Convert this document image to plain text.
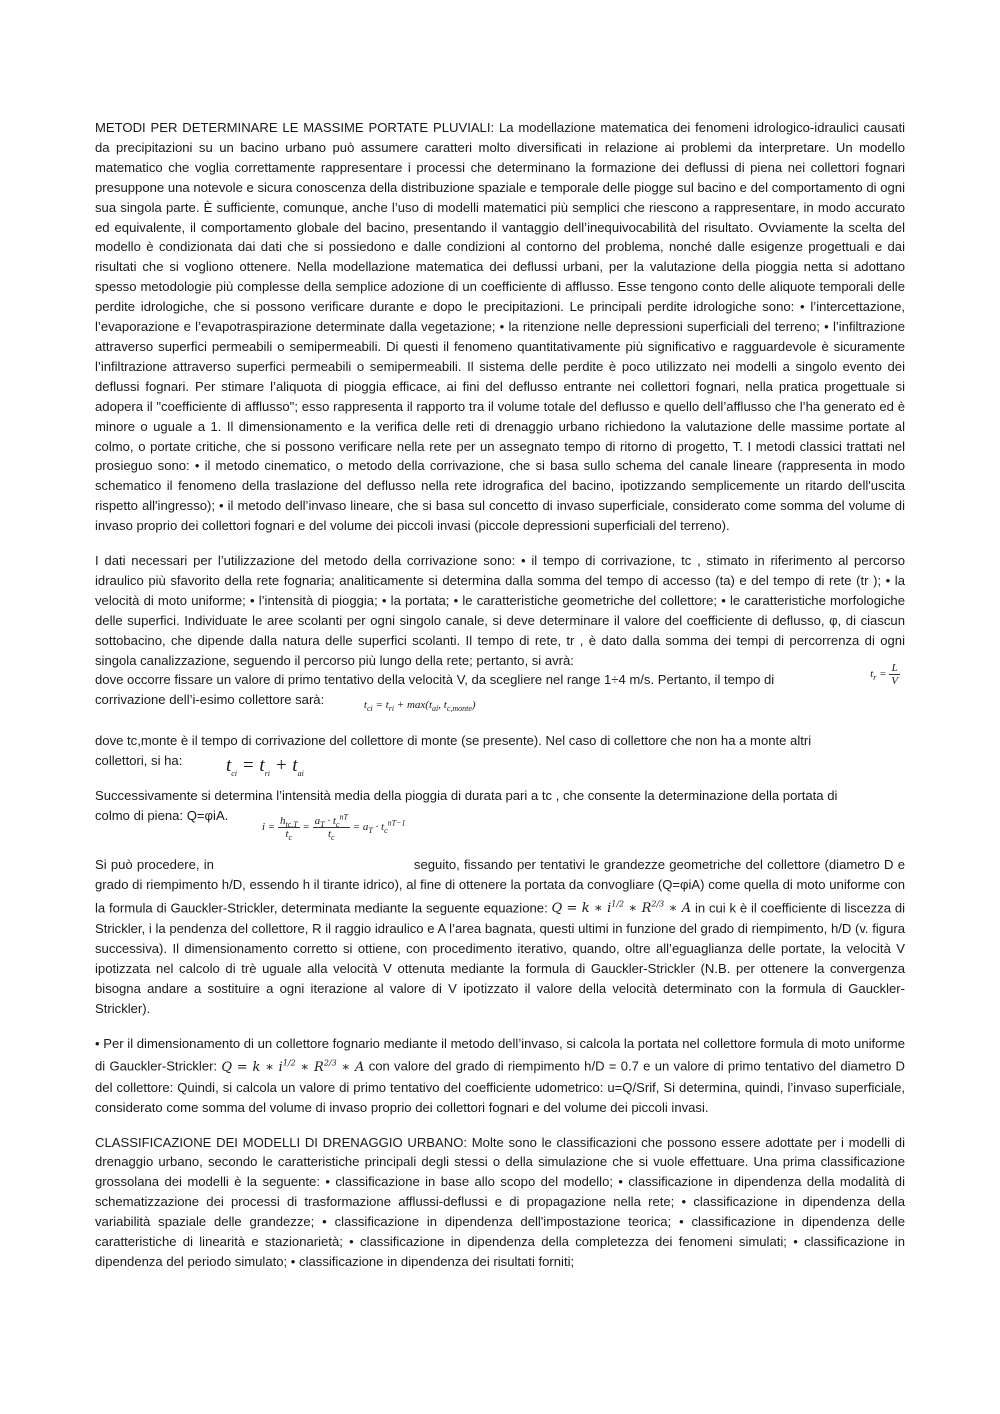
METODI PER DETERMINARE LE MASSIME PORTATE PLUVIALI: La modellazione matematica dei fenomeni idrologico-idraulici causati da precipitazioni su un bacino urbano può assumere caratteri molto diversificati in relazione ai problemi da interpretare. Un modello matematico che voglia correttamente rappresentare i processi che determinano la formazione dei deflussi di piena nei collettori fognari presuppone una notevole e sicura conoscenza della distribuzione spaziale e temporale delle piogge sul bacino e del comportamento di ogni sua singola parte. È sufficiente, comunque, anche l’uso di modelli matematici più semplici che riescono a rappresentare, in modo accurato ed equivalente, il comportamento globale del bacino, presentando il vantaggio dell’inequivocabilità del risultato. Ovviamente la scelta del modello è condizionata dai dati che si possiedono e dalle condizioni al contorno del problema, nonché dalle esigenze progettuali e dai risultati che si vogliono ottenere. Nella modellazione matematica dei deflussi urbani, per la valutazione della pioggia netta si adottano spesso metodologie più complesse della semplice adozione di un coefficiente di afflusso. Esse tengono conto delle aliquote temporali delle perdite idrologiche, che si possono verificare durante e dopo le precipitazioni. Le principali perdite idrologiche sono: • l’intercettazione, l’evaporazione e l’evapotraspirazione determinate dalla vegetazione; • la ritenzione nelle depressioni superficiali del terreno; • l’infiltrazione attraverso superfici permeabili o semipermeabili. Di questi il fenomeno quantitativamente più significativo e ragguardevole è sicuramente l’infiltrazione attraverso superfici permeabili o semipermeabili. Il sistema delle perdite è poco utilizzato nei modelli a singolo evento dei deflussi fognari. Per stimare l’aliquota di pioggia efficace, ai fini del deflusso entrante nei collettori fognari, nella pratica progettuale si adopera il "coefficiente di afflusso"; esso rappresenta il rapporto tra il volume totale del deflusso e quello dell’afflusso che l’ha generato ed è minore o uguale a 1. Il dimensionamento e la verifica delle reti di drenaggio urbano richiedono la valutazione delle massime portate al colmo, o portate critiche, che si possono verificare nella rete per un assegnato tempo di ritorno di progetto, T. I metodi classici trattati nel prosieguo sono: • il metodo cinematico, o metodo della corrivazione, che si basa sullo schema del canale lineare (rappresenta in modo schematico il fenomeno della traslazione del deflusso nella rete idrografica del bacino, ipotizzando semplicemente un ritardo dell'uscita rispetto all'ingresso); • il metodo dell’invaso lineare, che si basa sul concetto di invaso superficiale, considerato come somma del volume di invaso proprio dei collettori fognari e del volume dei piccoli invasi (piccole depressioni superficiali del terreno).

I dati necessari per l’utilizzazione del metodo della corrivazione sono: • il tempo di corrivazione, tc , stimato in riferimento al percorso idraulico più sfavorito della rete fognaria; analiticamente si determina dalla somma del tempo di accesso (ta) e del tempo di rete (tr ); • la velocità di moto uniforme; • l’intensità di pioggia; • la portata; • le caratteristiche geometriche del collettore; • le caratteristiche morfologiche delle superfici. Individuate le aree scolanti per ogni singolo canale, si deve determinare il valore del coefficiente di deflusso, φ, di ciascun sottobacino, che dipende dalla natura delle superfici scolanti. Il tempo di rete, tr , è dato dalla somma dei tempi di percorrenza di ogni singola canalizzazione, seguendo il percorso più lungo della rete; pertanto, si avrà:

dove occorre fissare un valore di primo tentativo della velocità V, da scegliere nel range 1÷4 m/s. Pertanto, il tempo di	$t_r = \frac{L}{V}$

corrivazione dell’i-esimo collettore sarà:	$t_{ci} = t_{ri} + \max(t_{ai}$, $t_{c,monte}$)

dove tc,monte è il tempo di corrivazione del collettore di monte (se presente). Nel caso di collettore che non ha a monte altri

collettori, si ha: $t_{ci} = t_{ri} + t_{ai}$

Successivamente si determina l’intensità media della pioggia di durata pari a tc , che consente la determinazione della portata di

colmo di piena: Q=φiA. $i = \frac{h_{tc,T}}{t_c} = \frac{a_T \cdot t_c^{nT}}{t_c} = a_T \cdot t_c^{nT-1}$

Si può procedere, in	seguito, fissando per tentativi le grandezze geometriche del collettore (diametro D e grado di riempimento h/D, essendo h il tirante idrico), al fine di ottenere la portata da convogliare (Q=φiA) come quella di moto uniforme con la formula di Gauckler-Strickler, determinata mediante la seguente equazione: Q = k ∗ $i^{1/2}$ ∗ $R^{2/3}$ ∗ A in cui k è il coefficiente di liscezza di Strickler, i la pendenza del collettore, R il raggio idraulico e A l’area bagnata, questi ultimi in funzione del grado di riempimento, h/D (v. figura successiva). Il dimensionamento corretto si ottiene, con procedimento iterativo, quando, oltre all’eguaglianza delle portate, la velocità V ipotizzata nel calcolo di trè uguale alla velocità V ottenuta mediante la formula di Gauckler-Strickler (N.B. per ottenere la convergenza bisogna andare a sostituire a ogni iterazione al valore di V ipotizzato il valore della velocità determinato con la formula di Gauckler-Strickler).

• Per il dimensionamento di un collettore fognario mediante il metodo dell’invaso, si calcola la portata nel collettore formula di moto uniforme di Gauckler-Strickler: Q = k ∗ $i^{1/2}$ ∗ $R^{2/3}$ ∗ A con valore del grado di riempimento h/D = 0.7 e un valore di primo tentativo del diametro D del collettore: Quindi, si calcola un valore di primo tentativo del coefficiente udometrico: u=Q/Srif, Si determina, quindi, l’invaso superficiale, considerato come somma del volume di invaso proprio dei collettori fognari e del volume dei piccoli invasi.

CLASSIFICAZIONE DEI MODELLI DI DRENAGGIO URBANO: Molte sono le classificazioni che possono essere adottate per i modelli di drenaggio urbano, secondo le caratteristiche principali degli stessi o della simulazione che si vuole effettuare. Una prima classificazione grossolana dei modelli è la seguente: • classificazione in base allo scopo del modello; • classificazione in dipendenza della modalità di schematizzazione dei processi di trasformazione afflussi-deflussi e di propagazione nella rete; • classificazione in dipendenza della variabilità spaziale delle grandezze; • classificazione in dipendenza dell'impostazione teorica; • classificazione in dipendenza delle caratteristiche di linearità e stazionarietà; • classificazione in dipendenza della completezza dei fenomeni simulati; • classificazione in dipendenza del periodo simulato; • classificazione in dipendenza dei risultati forniti;
